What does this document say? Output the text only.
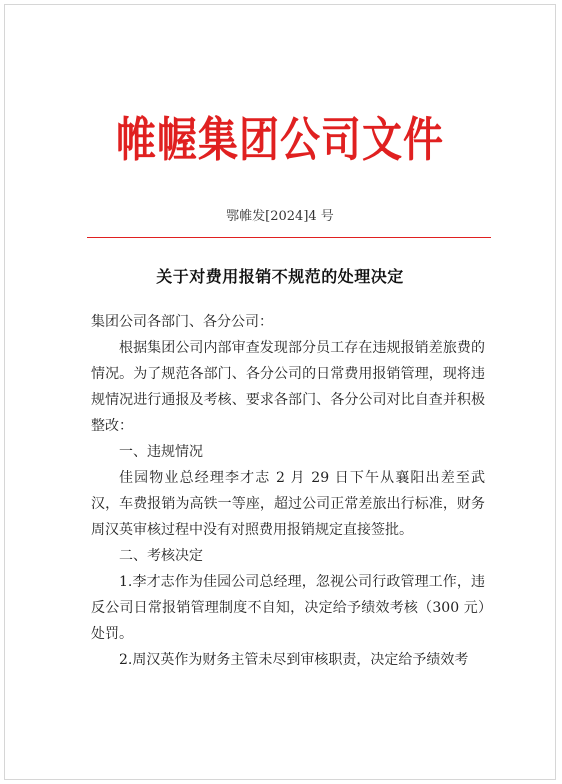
帷幄集团公司文件
鄂帷发[2024]4 号
关于对费用报销不规范的处理决定

集团公司各部门、各分公司：

根据集团公司内部审查发现部分员工存在违规报销差旅费的情况。为了规范各部门、各分公司的日常费用报销管理，现将违规情况进行通报及考核、要求各部门、各分公司对比自查并积极整改：

一、违规情况

佳园物业总经理李才志 2 月 29 日下午从襄阳出差至武汉，车费报销为高铁一等座，超过公司正常差旅出行标准，财务周汉英审核过程中没有对照费用报销规定直接签批。

二、考核决定

1.李才志作为佳园公司总经理，忽视公司行政管理工作，违反公司日常报销管理制度不自知，决定给予绩效考核（300 元）处罚。

2.周汉英作为财务主管未尽到审核职责，决定给予绩效考
